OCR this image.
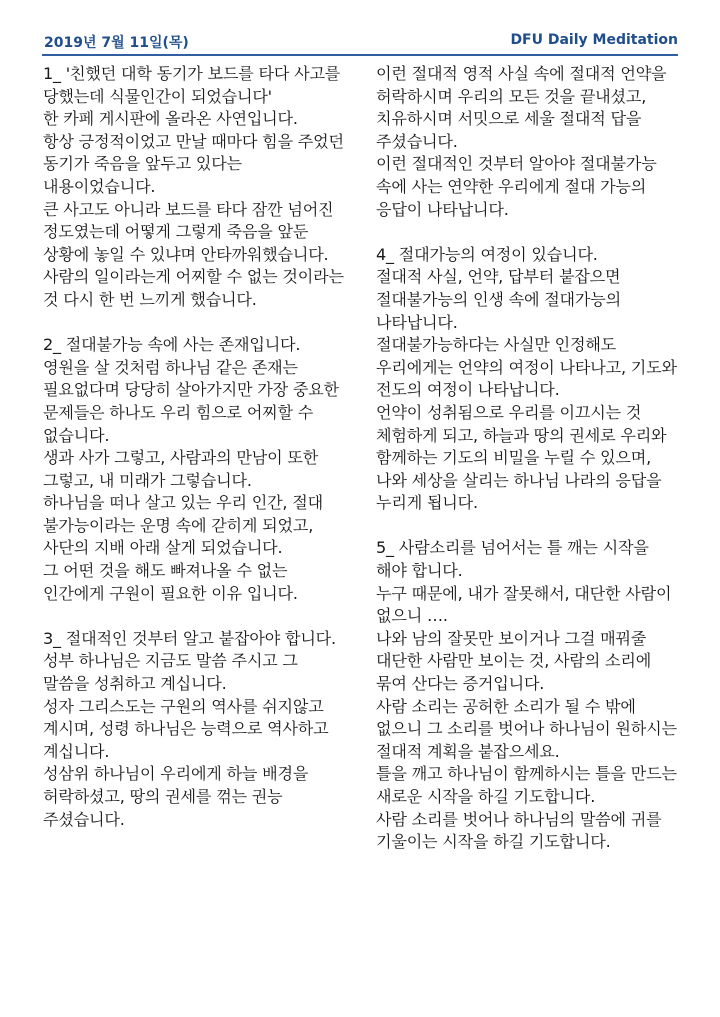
2019년 7월 11일(목)	DFU Daily Meditation
1_ '친했던 대학 동기가 보드를 타다 사고를 당했는데 식물인간이 되었습니다'
한 카페 게시판에 올라온 사연입니다.
항상 긍정적이었고 만날 때마다 힘을 주었던 동기가 죽음을 앞두고 있다는 내용이었습니다.
큰 사고도 아니라 보드를 타다 잠깐 넘어진 정도였는데 어떻게 그렇게 죽음을 앞둔 상황에 놓일 수 있냐며 안타까워했습니다.
사람의 일이라는게 어찌할 수 없는 것이라는 것 다시 한 번 느끼게 했습니다.
2_ 절대불가능 속에 사는 존재입니다.
영원을 살 것처럼 하나님 같은 존재는 필요없다며 당당히 살아가지만 가장 중요한 문제들은 하나도 우리 힘으로 어찌할 수 없습니다.
생과 사가 그렇고, 사람과의 만남이 또한 그렇고, 내 미래가 그렇습니다.
하나님을 떠나 살고 있는 우리 인간, 절대 불가능이라는 운명 속에 갇히게 되었고, 사단의 지배 아래 살게 되었습니다.
그 어떤 것을 해도 빠져나올 수 없는 인간에게 구원이 필요한 이유 입니다.
3_ 절대적인 것부터 알고 붙잡아야 합니다.
성부 하나님은 지금도 말씀 주시고 그 말씀을 성취하고 계십니다.
성자 그리스도는 구원의 역사를 쉬지않고 계시며, 성령 하나님은 능력으로 역사하고 계십니다.
성삼위 하나님이 우리에게 하늘 배경을 허락하셨고, 땅의 권세를 꺾는 권능 주셨습니다.
이런 절대적 영적 사실 속에 절대적 언약을 허락하시며 우리의 모든 것을 끝내셨고, 치유하시며 서밋으로 세울 절대적 답을 주셨습니다.
이런 절대적인 것부터 알아야 절대불가능 속에 사는 연약한 우리에게 절대 가능의 응답이 나타납니다.
4_ 절대가능의 여정이 있습니다.
절대적 사실, 언약, 답부터 붙잡으면 절대불가능의 인생 속에 절대가능의 나타납니다.
절대불가능하다는 사실만 인정해도 우리에게는 언약의 여정이 나타나고, 기도와 전도의 여정이 나타납니다.
언약이 성취됨으로 우리를 이끄시는 것 체험하게 되고, 하늘과 땅의 권세로 우리와 함께하는 기도의 비밀을 누릴 수 있으며, 나와 세상을 살리는 하나님 나라의 응답을 누리게 됩니다.
5_ 사람소리를 넘어서는 틀 깨는 시작을 해야 합니다.
누구 때문에, 내가 잘못해서, 대단한 사람이 없으니 ….
나와 남의 잘못만 보이거나 그걸 매꿔줄 대단한 사람만 보이는 것, 사람의 소리에 묶여 산다는 증거입니다.
사람 소리는 공허한 소리가 될 수 밖에 없으니 그 소리를 벗어나 하나님이 원하시는 절대적 계획을 붙잡으세요.
틀을 깨고 하나님이 함께하시는 틀을 만드는 새로운 시작을 하길 기도합니다.
사람 소리를 벗어나 하나님의 말씀에 귀를 기울이는 시작을 하길 기도합니다.
